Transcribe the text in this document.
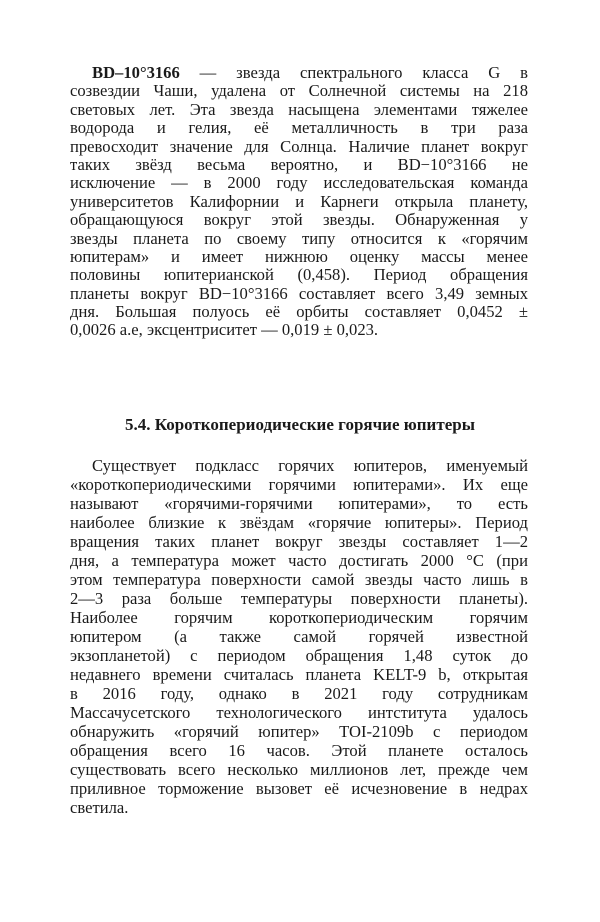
BD–10°3166 — звезда спектрального класса G в
созвездии Чаши, удалена от Солнечной системы на 218
световых лет. Эта звезда насыщена элементами тяжелее
водорода и гелия, её металличность в три раза
превосходит значение для Солнца. Наличие планет вокруг
таких звёзд весьма вероятно, и BD−10°3166 не
исключение — в 2000 году исследовательская команда
университетов Калифорнии и Карнеги открыла планету,
обращающуюся вокруг этой звезды. Обнаруженная у
звезды планета по своему типу относится к «горячим
юпитерам» и имеет нижнюю оценку массы менее
половины юпитерианской (0,458). Период обращения
планеты вокруг BD−10°3166 составляет всего 3,49 земных
дня. Большая полуось её орбиты составляет 0,0452 ±
0,0026 а.е, эксцентриситет — 0,019 ± 0,023.
5.4. Короткопериодические горячие юпитеры
Существует подкласс горячих юпитеров, именуемый
«короткопериодическими горячими юпитерами». Их еще
называют «горячими-горячими юпитерами», то есть
наиболее близкие к звёздам «горячие юпитеры». Период
вращения таких планет вокруг звезды составляет 1—2
дня, а температура может часто достигать 2000 °C (при
этом температура поверхности самой звезды часто лишь в
2—3 раза больше температуры поверхности планеты).
Наиболее горячим короткопериодическим горячим
юпитером (а также самой горячей известной
экзопланетой) с периодом обращения 1,48 суток до
недавнего времени считалась планета KELT-9 b, открытая
в 2016 году, однако в 2021 году сотрудникам
Массачусетского технологического интститута удалось
обнаружить «горячий юпитер» TOI-2109b с периодом
обращения всего 16 часов. Этой планете осталось
существовать всего несколько миллионов лет, прежде чем
приливное торможение вызовет её исчезновение в недрах
светила.
